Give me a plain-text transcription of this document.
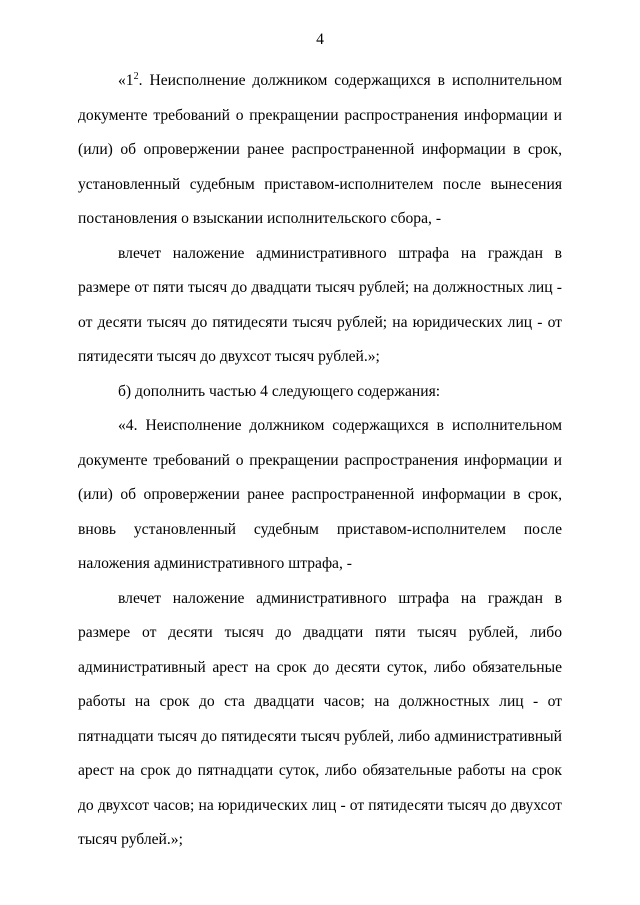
4

«$1^2$. Неисполнение должником содержащихся в исполнительном документе требований о прекращении распространения информации и (или) об опровержении ранее распространенной информации в срок, установленный судебным приставом-исполнителем после вынесения постановления о взыскании исполнительского сбора, -

влечет наложение административного штрафа на граждан в размере от пяти тысяч до двадцати тысяч рублей; на должностных лиц - от десяти тысяч до пятидесяти тысяч рублей; на юридических лиц - от пятидесяти тысяч до двухсот тысяч рублей.»;

б) дополнить частью 4 следующего содержания:

«4. Неисполнение должником содержащихся в исполнительном документе требований о прекращении распространения информации и (или) об опровержении ранее распространенной информации в срок, вновь установленный судебным приставом-исполнителем после наложения административного штрафа, -

влечет наложение административного штрафа на граждан в размере от десяти тысяч до двадцати пяти тысяч рублей, либо административный арест на срок до десяти суток, либо обязательные работы на срок до ста двадцати часов; на должностных лиц - от пятнадцати тысяч до пятидесяти тысяч рублей, либо административный арест на срок до пятнадцати суток, либо обязательные работы на срок до двухсот часов; на юридических лиц - от пятидесяти тысяч до двухсот тысяч рублей.»;
